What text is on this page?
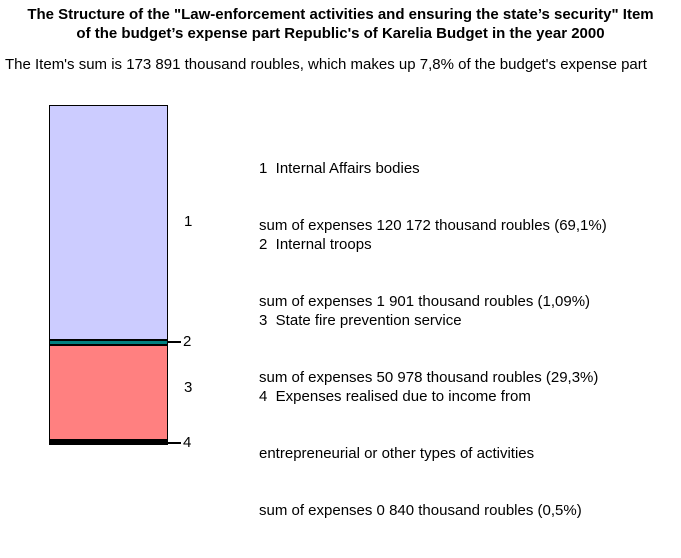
The Structure of the "Law-enforcement activities and ensuring the state’s security" Item
of the budget’s expense part Republic's of Karelia Budget in the year 2000
The Item's sum is 173 891 thousand roubles, which makes up 7,8% of the budget's expense part
1
2
3
4

1  Internal Affairs bodies

sum of expenses 120 172 thousand roubles (69,1%)

2  Internal troops

sum of expenses 1 901 thousand roubles (1,09%)

3  State fire prevention service

sum of expenses 50 978 thousand roubles (29,3%)

4  Expenses realised due to income from

entrepreneurial or other types of activities

sum of expenses 0 840 thousand roubles (0,5%)
